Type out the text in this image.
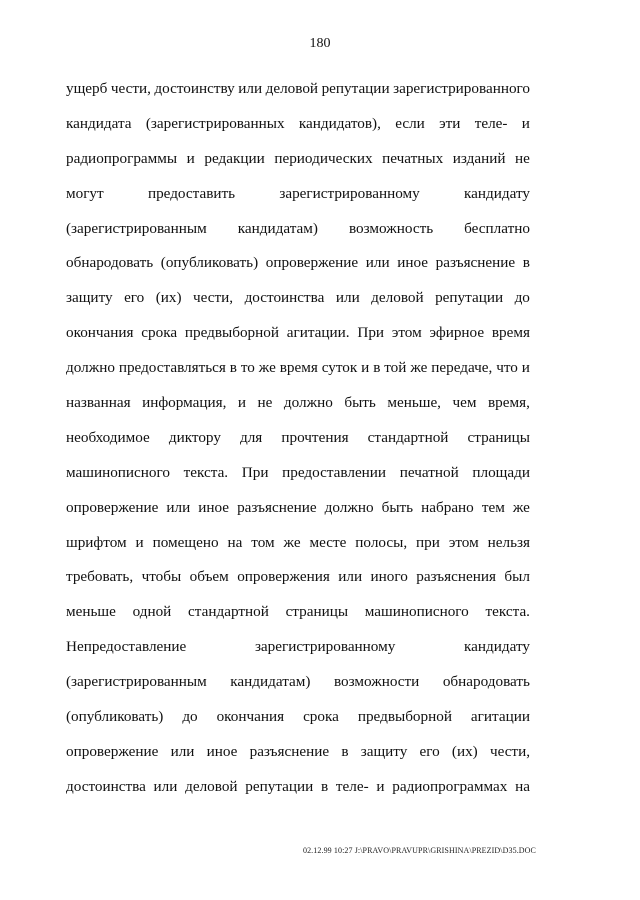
180
ущерб чести, достоинству или деловой репутации зарегистрированного
кандидата (зарегистрированных кандидатов), если эти теле- и
радиопрограммы и редакции периодических печатных изданий не
могут	предоставить	зарегистрированному	кандидату
(зарегистрированным кандидатам) возможность бесплатно
обнародовать (опубликовать) опровержение или иное разъяснение в
защиту его (их) чести, достоинства или деловой репутации до
окончания срока предвыборной агитации. При этом эфирное время
должно предоставляться в то же время суток и в той же передаче, что и
названная информация, и не должно быть меньше, чем время,
необходимое диктору для прочтения стандартной страницы
машинописного текста. При предоставлении печатной площади
опровержение или иное разъяснение должно быть набрано тем же
шрифтом и помещено на том же месте полосы, при этом нельзя
требовать, чтобы объем опровержения или иного разъяснения был
меньше одной стандартной страницы машинописного текста.
Непредоставление	зарегистрированному	кандидату
(зарегистрированным кандидатам) возможности обнародовать
(опубликовать) до окончания срока предвыборной агитации
опровержение или иное разъяснение в защиту его (их) чести,
достоинства или деловой репутации в теле- и радиопрограммах на
02.12.99 10:27 J:\PRAVO\PRAVUPR\GRISHINA\PREZID\D35.DOC
